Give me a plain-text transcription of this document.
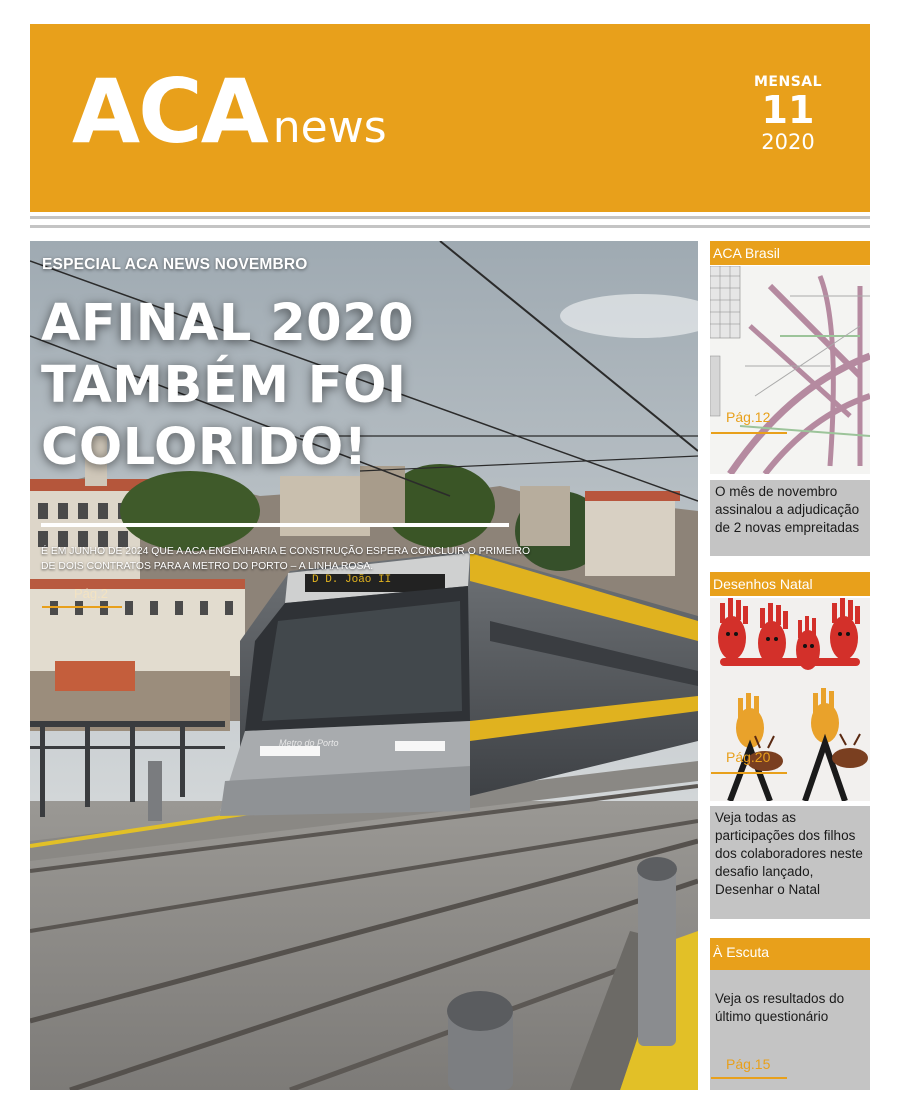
ACA news
MENSAL
11
2020
D D. João II
Metro do Porto
ESPECIAL ACA NEWS NOVEMBRO
AFINAL 2020
TAMBÉM FOI
COLORIDO!
É EM JUNHO DE 2024 QUE A ACA ENGENHARIA E CONSTRUÇÃO ESPERA CONCLUIR O PRIMEIRO DE DOIS CONTRATOS PARA A METRO DO PORTO – A LINHA ROSA.
Pág.2
ACA Brasil
Pág.12
O mês de novembro assinalou a adjudicação de 2 novas empreitadas
Desenhos Natal
Pág.20
Veja todas as participações dos filhos dos colaboradores neste desafio lançado, Desenhar o Natal
À Escuta
Veja os resultados do último questionário
Pág.15
